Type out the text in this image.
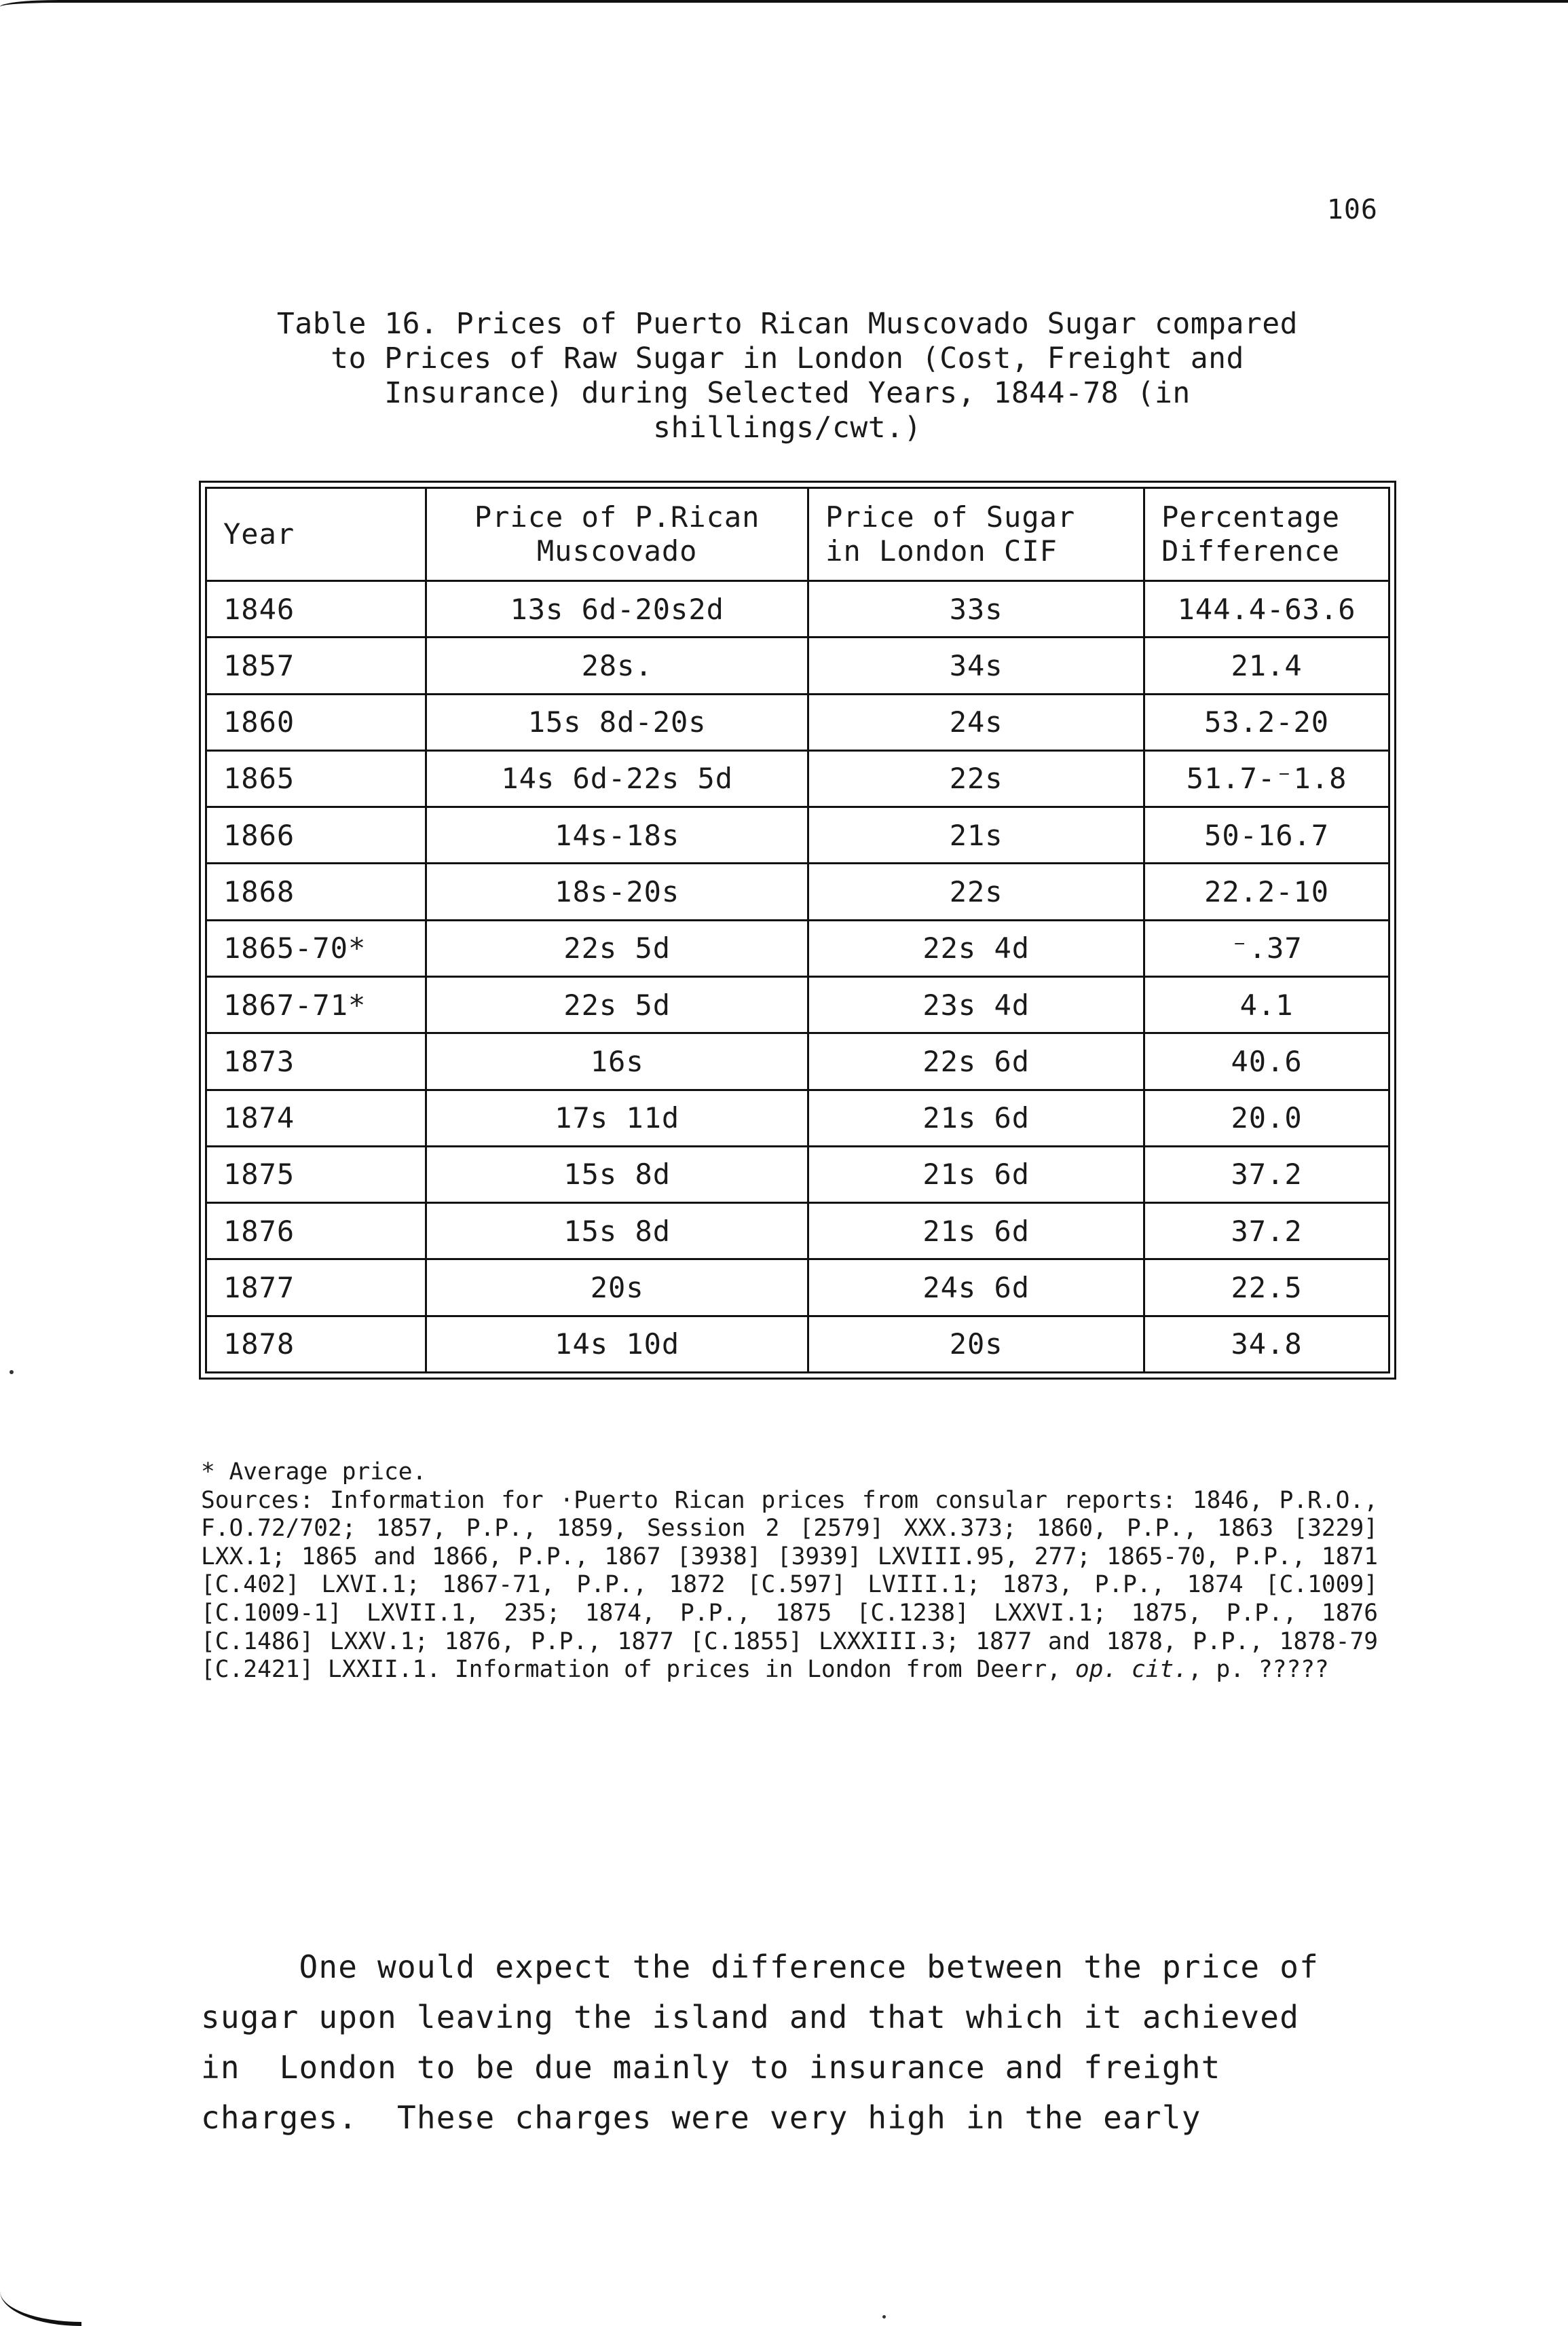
106
Table 16. Prices of Puerto Rican Muscovado Sugar compared
to Prices of Raw Sugar in London (Cost, Freight and
Insurance) during Selected Years, 1844-78 (in
shillings/cwt.)
Year	Price of P.Rican Muscovado	Price of Sugar in London CIF	Percentage Difference
1846	13s 6d-20s2d	33s	144.4-63.6
1857	28s.	34s	21.4
1860	15s 8d-20s	24s	53.2-20
1865	14s 6d-22s 5d	22s	51.7-⁻1.8
1866	14s-18s	21s	50-16.7
1868	18s-20s	22s	22.2-10
1865-70*	22s 5d	22s 4d	⁻.37
1867-71*	22s 5d	23s 4d	4.1
1873	16s	22s 6d	40.6
1874	17s 11d	21s 6d	20.0
1875	15s 8d	21s 6d	37.2
1876	15s 8d	21s 6d	37.2
1877	20s	24s 6d	22.5
1878	14s 10d	20s	34.8

* Average price.

Sources: Information for ·Puerto Rican prices from consular reports: 1846, P.R.O., F.O.72/702; 1857, P.P., 1859, Session 2 [2579] XXX.373; 1860, P.P., 1863 [3229] LXX.1; 1865 and 1866, P.P., 1867 [3938] [3939] LXVIII.95, 277; 1865-70, P.P., 1871 [C.402] LXVI.1; 1867-71, P.P., 1872 [C.597] LVIII.1; 1873, P.P., 1874 [C.1009] [C.1009-1] LXVII.1, 235; 1874, P.P., 1875 [C.1238] LXXVI.1; 1875, P.P., 1876 [C.1486] LXXV.1; 1876, P.P., 1877 [C.1855] LXXXIII.3; 1877 and 1878, P.P., 1878-79 [C.2421] LXXII.1. Information of prices in London from Deerr, op. cit., p. ?????

One would expect the difference between the price of
sugar upon leaving the island and that which it achieved
in  London to be due mainly to insurance and freight
charges.  These charges were very high in the early
